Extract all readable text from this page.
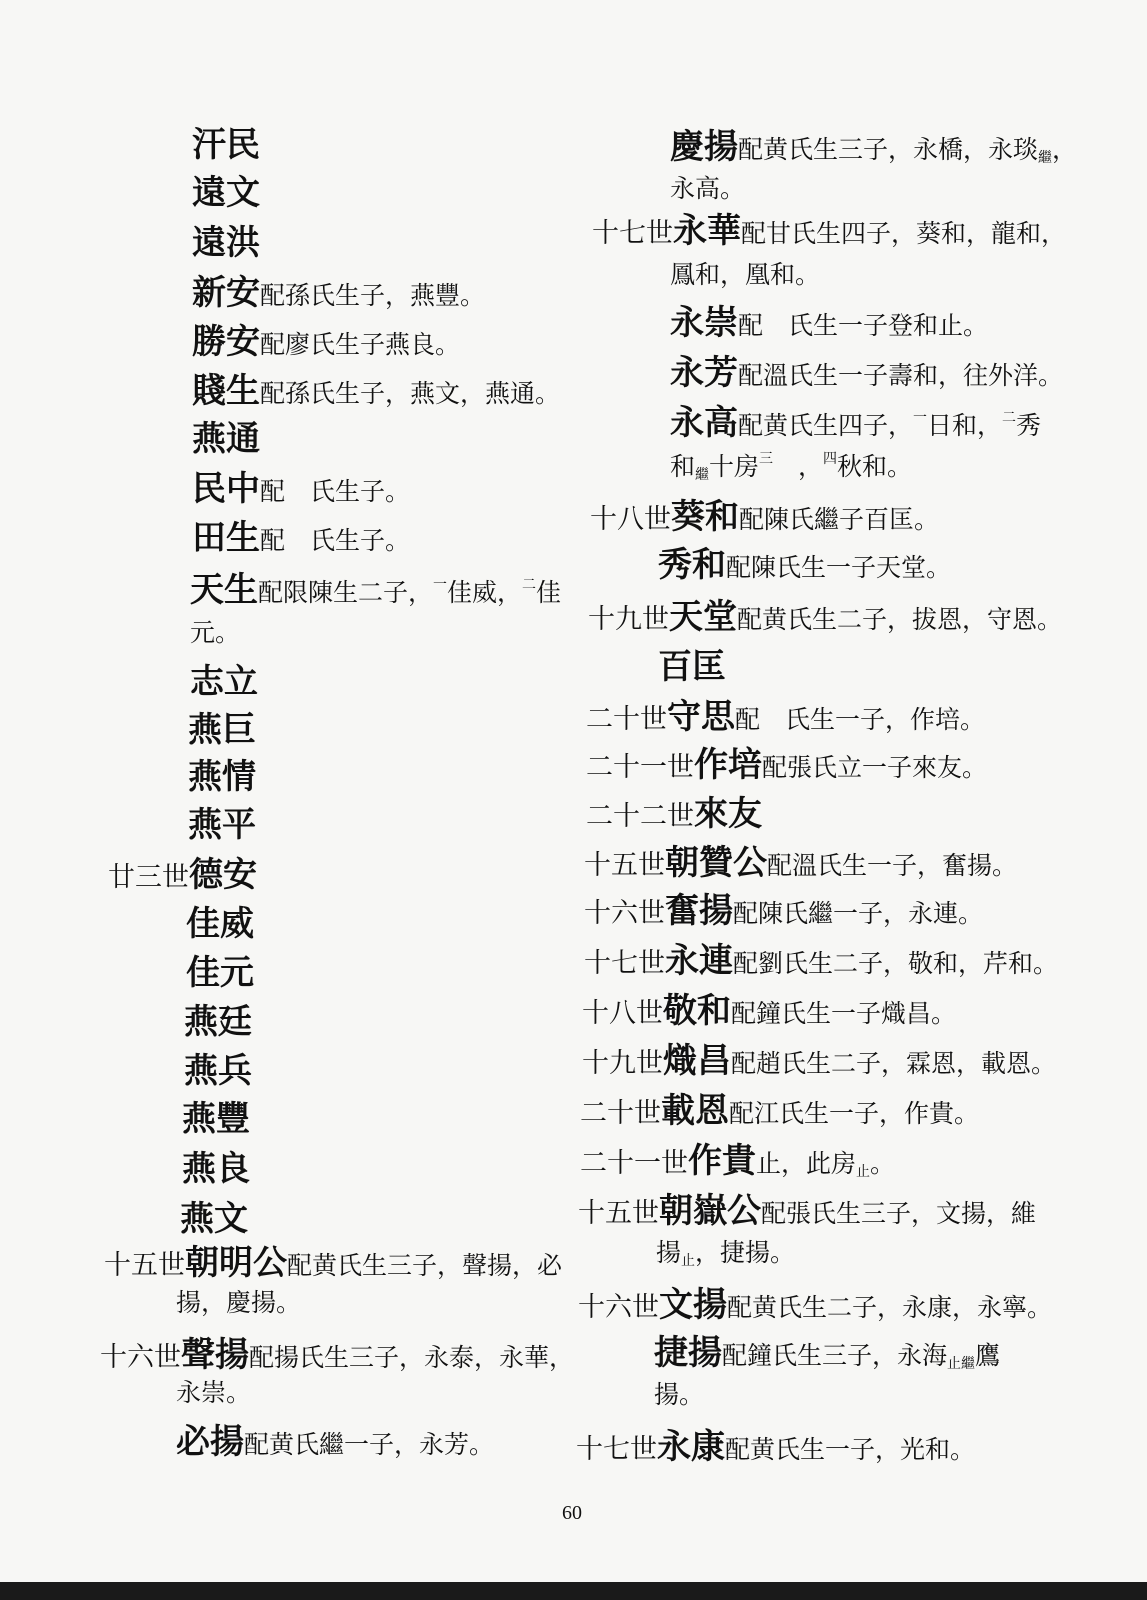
汗民
遠文
遠洪
新安配孫氏生子，燕豐。
勝安配廖氏生子燕良。
賤生配孫氏生子，燕文，燕通。
燕通
民中配　氏生子。
田生配　氏生子。
天生配限陳生二子，$^一$佳威，$^二$佳
元。
志立
燕巨
燕情
燕平
廿三世德安
佳威
佳元
燕廷
燕兵
燕豐
燕良
燕文
十五世朝明公配黄氏生三子，聲揚，必
揚，慶揚。
十六世聲揚配揚氏生三子，永泰，永華，
永崇。
必揚配黄氏繼一子，永芳。
慶揚配黄氏生三子，永橋，永琰$_繼$，
永高。
十七世永華配甘氏生四子，葵和，龍和，
鳳和，凰和。
永崇配　氏生一子登和止。
永芳配溫氏生一子壽和，往外洋。
永高配黄氏生四子，$^一$日和，$^二$秀
和$_繼$十房$^三$　，$^四$秋和。
十八世葵和配陳氏繼子百匡。
秀和配陳氏生一子天堂。
十九世天堂配黄氏生二子，拔恩，守恩。
百匡
二十世守思配　氏生一子，作培。
二十一世作培配張氏立一子來友。
二十二世來友
十五世朝贊公配溫氏生一子，奮揚。
十六世奮揚配陳氏繼一子，永連。
十七世永連配劉氏生二子，敬和，芹和。
十八世敬和配鐘氏生一子熾昌。
十九世熾昌配趙氏生二子，霖恩，載恩。
二十世載恩配江氏生一子，作貴。
二十一世作貴止，此房$_止$。
十五世朝嶽公配張氏生三子，文揚，維
揚$_止$，捷揚。
十六世文揚配黄氏生二子，永康，永寧。
捷揚配鐘氏生三子，永海$_{止繼}$鷹
揚。
十七世永康配黄氏生一子，光和。
60
